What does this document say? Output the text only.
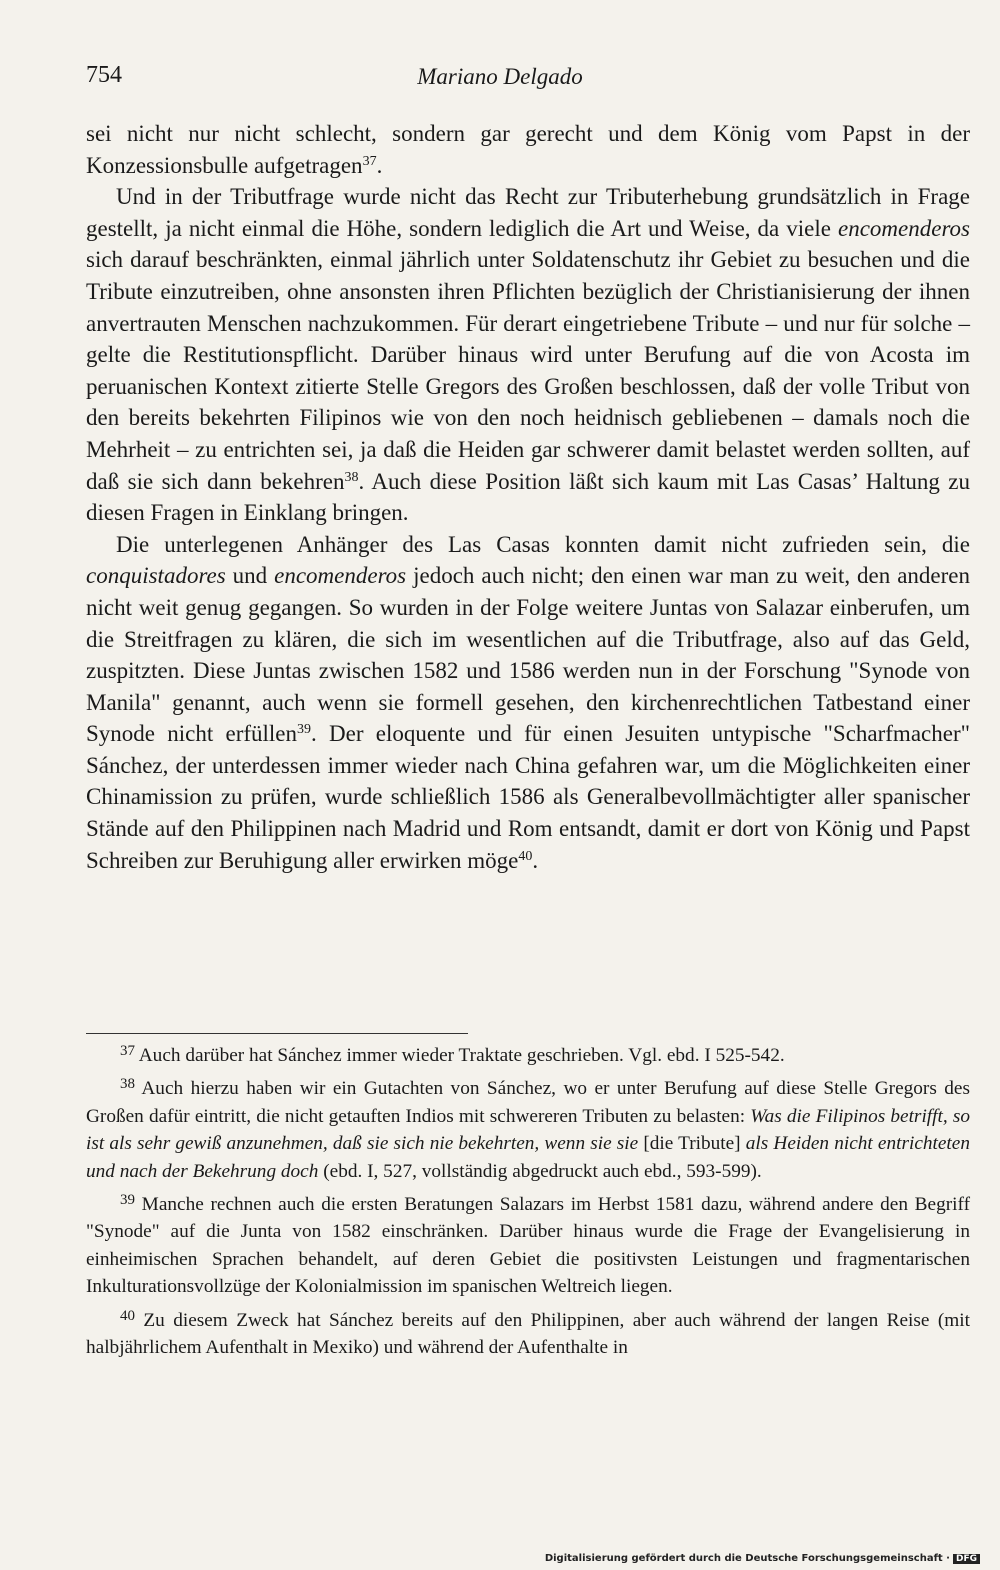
754	Mariano Delgado

sei nicht nur nicht schlecht, sondern gar gerecht und dem König vom Papst in der Konzessionsbulle aufgetragen$^{37}$.

Und in der Tributfrage wurde nicht das Recht zur Tributerhebung grundsätzlich in Frage gestellt, ja nicht einmal die Höhe, sondern lediglich die Art und Weise, da viele encomenderos sich darauf beschränkten, einmal jährlich unter Soldatenschutz ihr Gebiet zu besuchen und die Tribute einzutreiben, ohne ansonsten ihren Pflichten bezüglich der Christianisierung der ihnen anvertrauten Menschen nachzukommen. Für derart eingetriebene Tribute – und nur für solche – gelte die Restitutionspflicht. Darüber hinaus wird unter Berufung auf die von Acosta im peruanischen Kontext zitierte Stelle Gregors des Großen beschlossen, daß der volle Tribut von den bereits bekehrten Filipinos wie von den noch heidnisch gebliebenen – damals noch die Mehrheit – zu entrichten sei, ja daß die Heiden gar schwerer damit belastet werden sollten, auf daß sie sich dann bekehren$^{38}$. Auch diese Position läßt sich kaum mit Las Casas’ Haltung zu diesen Fragen in Einklang bringen.

Die unterlegenen Anhänger des Las Casas konnten damit nicht zufrieden sein, die conquistadores und encomenderos jedoch auch nicht; den einen war man zu weit, den anderen nicht weit genug gegangen. So wurden in der Folge weitere Juntas von Salazar einberufen, um die Streitfragen zu klären, die sich im wesentlichen auf die Tributfrage, also auf das Geld, zuspitzten. Diese Juntas zwischen 1582 und 1586 werden nun in der Forschung "Synode von Manila" genannt, auch wenn sie formell gesehen, den kirchenrechtlichen Tatbestand einer Synode nicht erfüllen$^{39}$. Der eloquente und für einen Jesuiten untypische "Scharfmacher" Sánchez, der unterdessen immer wieder nach China gefahren war, um die Möglichkeiten einer Chinamission zu prüfen, wurde schließlich 1586 als Generalbevollmächtigter aller spanischer Stände auf den Philippinen nach Madrid und Rom entsandt, damit er dort von König und Papst Schreiben zur Beruhigung aller erwirken möge$^{40}$.

$^{37}$ Auch darüber hat Sánchez immer wieder Traktate geschrieben. Vgl. ebd. I 525-542.

$^{38}$ Auch hierzu haben wir ein Gutachten von Sánchez, wo er unter Berufung auf diese Stelle Gregors des Großen dafür eintritt, die nicht getauften Indios mit schwereren Tributen zu belasten: Was die Filipinos betrifft, so ist als sehr gewiß anzunehmen, daß sie sich nie bekehrten, wenn sie sie [die Tribute] als Heiden nicht entrichteten und nach der Bekehrung doch (ebd. I, 527, vollständig abgedruckt auch ebd., 593-599).

$^{39}$ Manche rechnen auch die ersten Beratungen Salazars im Herbst 1581 dazu, während andere den Begriff "Synode" auf die Junta von 1582 einschränken. Darüber hinaus wurde die Frage der Evangelisierung in einheimischen Sprachen behandelt, auf deren Gebiet die positivsten Leistungen und fragmentarischen Inkulturationsvollzüge der Kolonialmission im spanischen Weltreich liegen.

$^{40}$ Zu diesem Zweck hat Sánchez bereits auf den Philippinen, aber auch während der langen Reise (mit halbjährlichem Aufenthalt in Mexiko) und während der Aufenthalte in

Digitalisierung gefördert durch die Deutsche Forschungsgemeinschaft · DFG
